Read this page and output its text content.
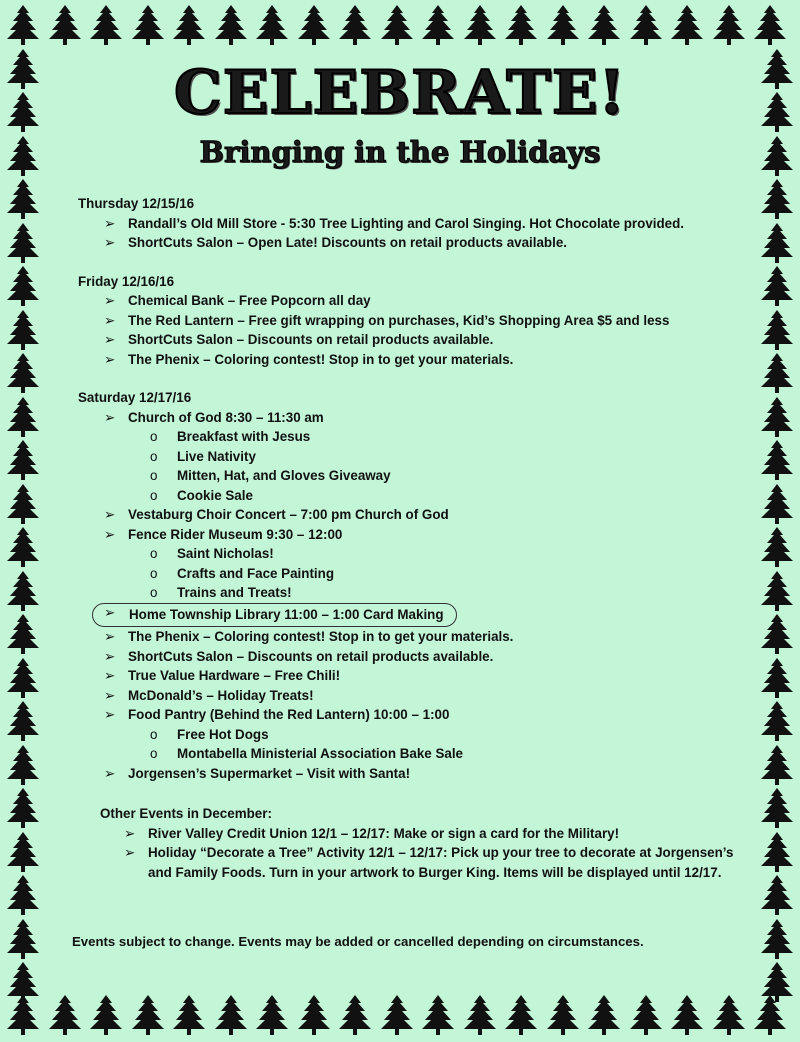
CELEBRATE!
Bringing in the Holidays
Thursday 12/15/16
➢ Randall’s Old Mill Store - 5:30 Tree Lighting and Carol Singing. Hot Chocolate provided.
➢ ShortCuts Salon – Open Late! Discounts on retail products available.
Friday 12/16/16
➢ Chemical Bank – Free Popcorn all day
➢ The Red Lantern – Free gift wrapping on purchases, Kid’s Shopping Area $5 and less
➢ ShortCuts Salon – Discounts on retail products available.
➢ The Phenix – Coloring contest! Stop in to get your materials.
Saturday 12/17/16
➢ Church of God 8:30 – 11:30 am
o Breakfast with Jesus
o Live Nativity
o Mitten, Hat, and Gloves Giveaway
o Cookie Sale
➢ Vestaburg Choir Concert – 7:00 pm Church of God
➢ Fence Rider Museum 9:30 – 12:00
o Saint Nicholas!
o Crafts and Face Painting
o Trains and Treats!
➢ Home Township Library 11:00 – 1:00 Card Making
➢ The Phenix – Coloring contest! Stop in to get your materials.
➢ ShortCuts Salon – Discounts on retail products available.
➢ True Value Hardware – Free Chili!
➢ McDonald’s – Holiday Treats!
➢ Food Pantry (Behind the Red Lantern) 10:00 – 1:00
o Free Hot Dogs
o Montabella Ministerial Association Bake Sale
➢ Jorgensen’s Supermarket – Visit with Santa!
Other Events in December:
➢ River Valley Credit Union 12/1 – 12/17: Make or sign a card for the Military!
➢ Holiday “Decorate a Tree” Activity 12/1 – 12/17: Pick up your tree to decorate at Jorgensen’s and Family Foods. Turn in your artwork to Burger King. Items will be displayed until 12/17.
Events subject to change. Events may be added or cancelled depending on circumstances.
